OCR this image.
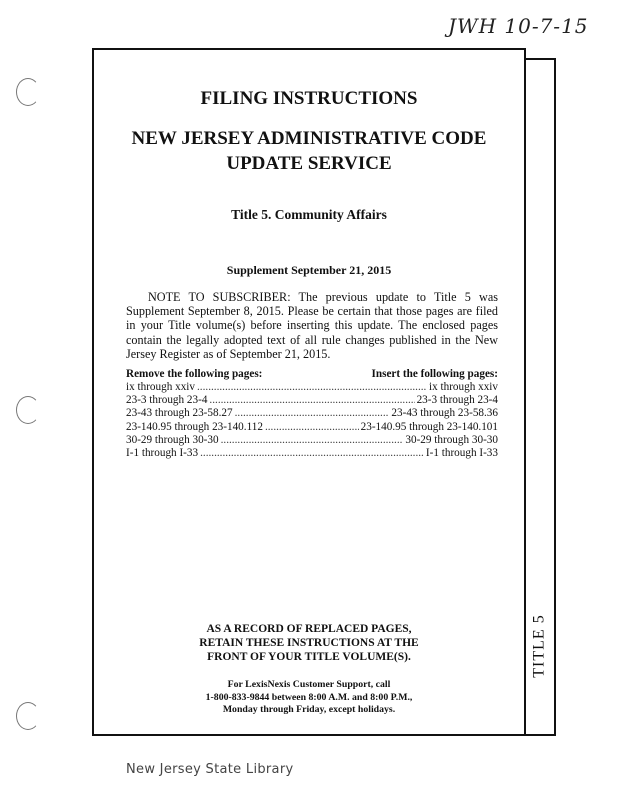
JWH 10-7-15
TITLE 5
FILING INSTRUCTIONS
NEW JERSEY ADMINISTRATIVE CODE
UPDATE SERVICE
Title 5. Community Affairs
Supplement September 21, 2015

NOTE TO SUBSCRIBER: The previous update to Title 5 was Supplement September 8, 2015. Please be certain that those pages are filed in your Title volume(s) before inserting this update. The enclosed pages contain the legally adopted text of all rule changes published in the New Jersey Register as of September 21, 2015.

Remove the following pages:	Insert the following pages:
ix through xxiv .....	ix through xxiv
23-3 through 23-4 .....	23-3 through 23-4
23-43 through 23-58.27 .....	23-43 through 23-58.36
23-140.95 through 23-140.112 .....	23-140.95 through 23-140.101
30-29 through 30-30 .....	30-29 through 30-30
I-1 through I-33 .....	I-1 through I-33
AS A RECORD OF REPLACED PAGES,
RETAIN THESE INSTRUCTIONS AT THE
FRONT OF YOUR TITLE VOLUME(S).
For LexisNexis Customer Support, call
1-800-833-9844 between 8:00 A.M. and 8:00 P.M.,
Monday through Friday, except holidays.
New Jersey State Library
